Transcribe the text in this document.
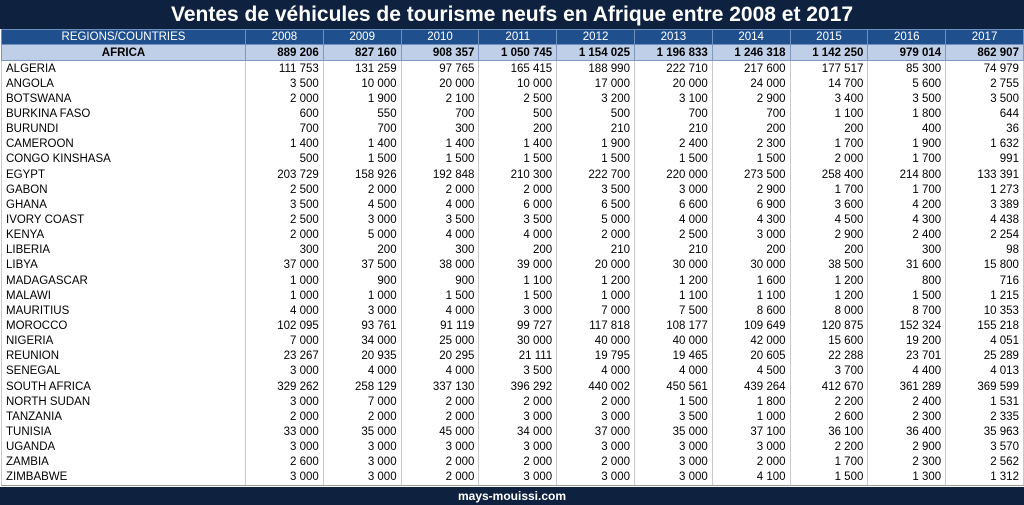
Ventes de véhicules de tourisme neufs en Afrique entre 2008 et 2017
REGIONS/COUNTRIES	2008	2009	2010	2011	2012	2013	2014	2015	2016	2017
AFRICA	889 206	827 160	908 357	1 050 745	1 154 025	1 196 833	1 246 318	1 142 250	979 014	862 907
ALGERIA	111 753	131 259	97 765	165 415	188 990	222 710	217 600	177 517	85 300	74 979
ANGOLA	3 500	10 000	20 000	10 000	17 000	20 000	24 000	14 700	5 600	2 755
BOTSWANA	2 000	1 900	2 100	2 500	3 200	3 100	2 900	3 400	3 500	3 500
BURKINA FASO	600	550	700	500	500	700	700	1 100	1 800	644
BURUNDI	700	700	300	200	210	210	200	200	400	36
CAMEROON	1 400	1 400	1 400	1 400	1 900	2 400	2 300	1 700	1 900	1 632
CONGO KINSHASA	500	1 500	1 500	1 500	1 500	1 500	1 500	2 000	1 700	991
EGYPT	203 729	158 926	192 848	210 300	222 700	220 000	273 500	258 400	214 800	133 391
GABON	2 500	2 000	2 000	2 000	3 500	3 000	2 900	1 700	1 700	1 273
GHANA	3 500	4 500	4 000	6 000	6 500	6 600	6 900	3 600	4 200	3 389
IVORY COAST	2 500	3 000	3 500	3 500	5 000	4 000	4 300	4 500	4 300	4 438
KENYA	2 000	5 000	4 000	4 000	2 000	2 500	3 000	2 900	2 400	2 254
LIBERIA	300	200	300	200	210	210	200	200	300	98
LIBYA	37 000	37 500	38 000	39 000	20 000	30 000	30 000	38 500	31 600	15 800
MADAGASCAR	1 000	900	900	1 100	1 200	1 200	1 600	1 200	800	716
MALAWI	1 000	1 000	1 500	1 500	1 000	1 100	1 100	1 200	1 500	1 215
MAURITIUS	4 000	3 000	4 000	3 000	7 000	7 500	8 600	8 000	8 700	10 353
MOROCCO	102 095	93 761	91 119	99 727	117 818	108 177	109 649	120 875	152 324	155 218
NIGERIA	7 000	34 000	25 000	30 000	40 000	40 000	42 000	15 600	19 200	4 051
REUNION	23 267	20 935	20 295	21 111	19 795	19 465	20 605	22 288	23 701	25 289
SENEGAL	3 000	4 000	4 000	3 500	4 000	4 000	4 500	3 700	4 400	4 013
SOUTH AFRICA	329 262	258 129	337 130	396 292	440 002	450 561	439 264	412 670	361 289	369 599
NORTH SUDAN	3 000	7 000	2 000	2 000	2 000	1 500	1 800	2 200	2 400	1 531
TANZANIA	2 000	2 000	2 000	3 000	3 000	3 500	1 000	2 600	2 300	2 335
TUNISIA	33 000	35 000	45 000	34 000	37 000	35 000	37 100	36 100	36 400	35 963
UGANDA	3 000	3 000	3 000	3 000	3 000	3 000	3 000	2 200	2 900	3 570
ZAMBIA	2 600	3 000	2 000	2 000	2 000	3 000	2 000	1 700	2 300	2 562
ZIMBABWE	3 000	3 000	2 000	3 000	3 000	3 000	4 100	1 500	1 300	1 312
mays-mouissi.com
